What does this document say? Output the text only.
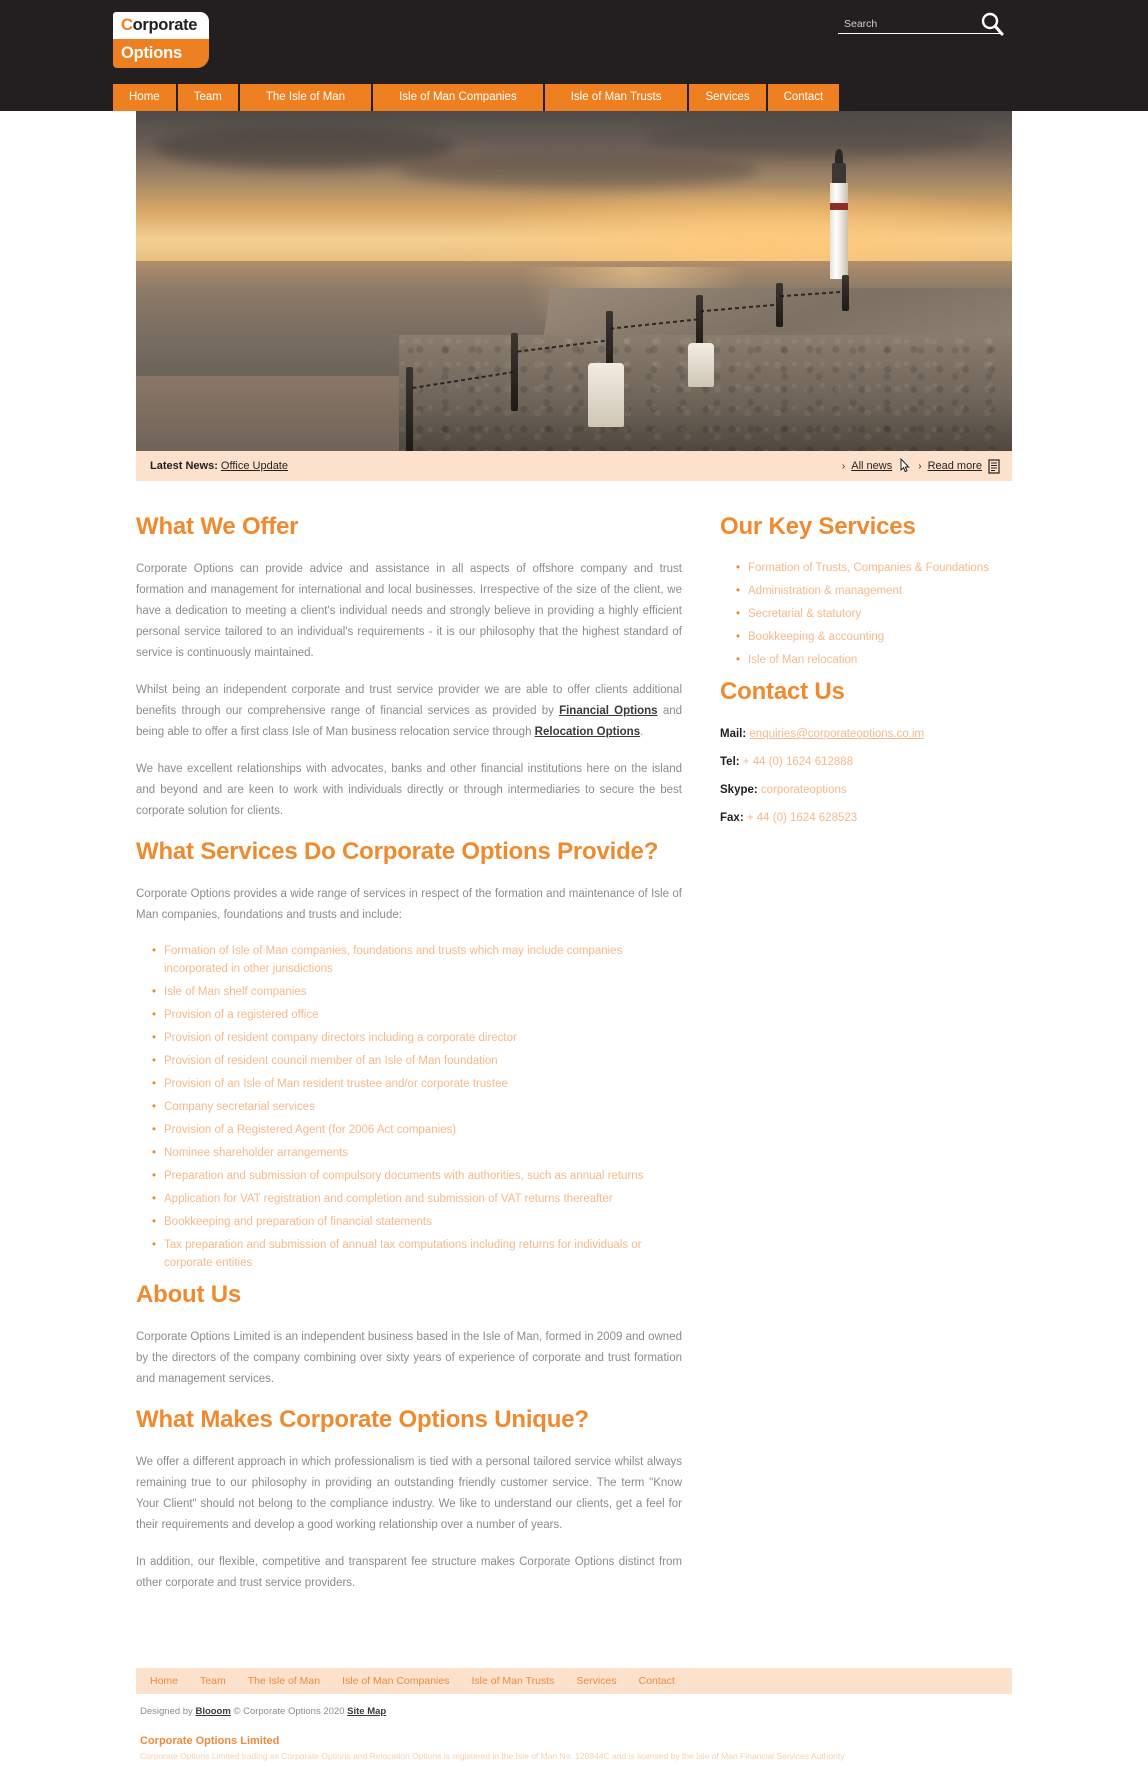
Corporate
Options
Search
Home	Team	The Isle of Man	Isle of Man Companies	Isle of Man Trusts	Services	Contact
Latest News: Office Update	› All news	› Read more
What We Offer

Corporate Options can provide advice and assistance in all aspects of offshore company and trust formation and management for international and local businesses. Irrespective of the size of the client, we have a dedication to meeting a client's individual needs and strongly believe in providing a highly efficient personal service tailored to an individual's requirements - it is our philosophy that the highest standard of service is continuously maintained.

Whilst being an independent corporate and trust service provider we are able to offer clients additional benefits through our comprehensive range of financial services as provided by Financial Options and being able to offer a first class Isle of Man business relocation service through Relocation Options.

We have excellent relationships with advocates, banks and other financial institutions here on the island and beyond and are keen to work with individuals directly or through intermediaries to secure the best corporate solution for clients.

What Services Do Corporate Options Provide?

Corporate Options provides a wide range of services in respect of the formation and maintenance of Isle of Man companies, foundations and trusts and include:

• Formation of Isle of Man companies, foundations and trusts which may include companies incorporated in other jurisdictions
• Isle of Man shelf companies
• Provision of a registered office
• Provision of resident company directors including a corporate director
• Provision of resident council member of an Isle of Man foundation
• Provision of an Isle of Man resident trustee and/or corporate trustee
• Company secretarial services
• Provision of a Registered Agent (for 2006 Act companies)
• Nominee shareholder arrangements
• Preparation and submission of compulsory documents with authorities, such as annual returns
• Application for VAT registration and completion and submission of VAT returns thereafter
• Bookkeeping and preparation of financial statements
• Tax preparation and submission of annual tax computations including returns for individuals or corporate entities
About Us

Corporate Options Limited is an independent business based in the Isle of Man, formed in 2009 and owned by the directors of the company combining over sixty years of experience of corporate and trust formation and management services.

What Makes Corporate Options Unique?

We offer a different approach in which professionalism is tied with a personal tailored service whilst always remaining true to our philosophy in providing an outstanding friendly customer service. The term "Know Your Client" should not belong to the compliance industry. We like to understand our clients, get a feel for their requirements and develop a good working relationship over a number of years.

In addition, our flexible, competitive and transparent fee structure makes Corporate Options distinct from other corporate and trust service providers.

Our Key Services
• Formation of Trusts, Companies & Foundations
• Administration & management
• Secretarial & statutory
• Bookkeeping & accounting
• Isle of Man relocation
Contact Us
Mail: enquiries@corporateoptions.co.im
Tel: + 44 (0) 1624 612888
Skype: corporateoptions
Fax: + 44 (0) 1624 628523
Home Team The Isle of Man Isle of Man Companies Isle of Man Trusts Services Contact
Designed by Blooom © Corporate Options 2020 Site Map
Corporate Options Limited
Corporate Options Limited trading as Corporate Options and Relocation Options is registered in the Isle of Man No. 120844C and is licensed by the Isle of Man Financial Services Authority
